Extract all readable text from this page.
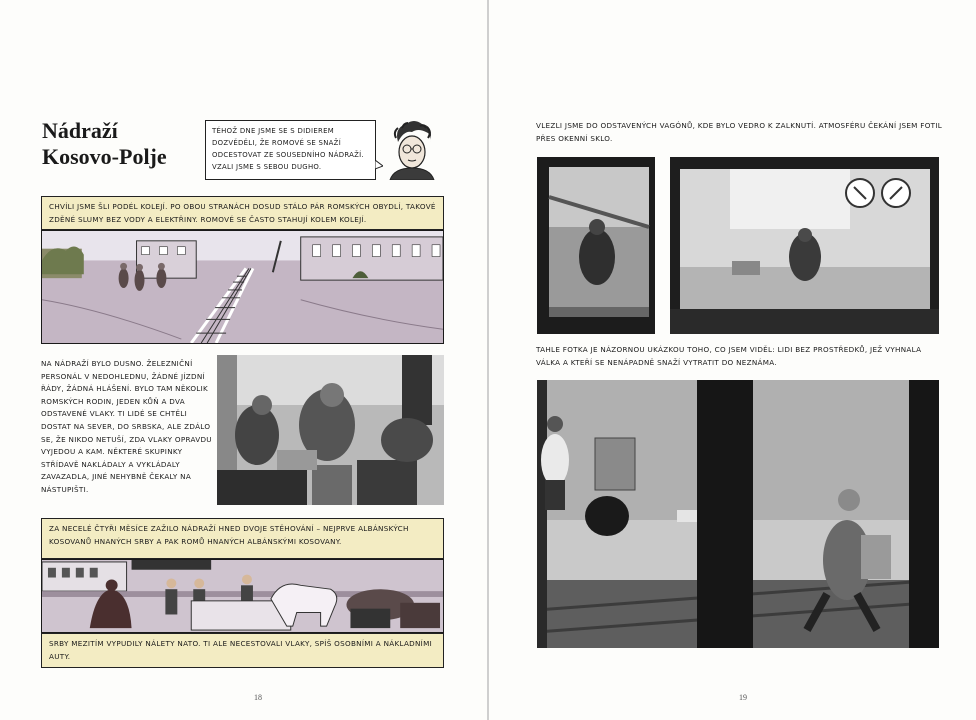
Nádraží
Kosovo-Polje
TÉHOŽ DNE JSME SE S DIDIEREM DOZVĚDĚLI, ŽE ROMOVÉ SE SNAŽÍ ODCESTOVAT ZE SOUSEDNÍHO NÁDRAŽÍ. VZALI JSME S SEBOU DUGHO.
CHVÍLI JSME ŠLI PODÉL KOLEJÍ. PO OBOU STRANÁCH DOSUD STÁLO PÁR ROMSKÝCH OBYDLÍ, TAKOVÉ ZDĚNÉ SLUMY BEZ VODY A ELEKTŘINY. ROMOVÉ SE ČASTO STAHUJÍ KOLEM KOLEJÍ.
NA NÁDRAŽÍ BYLO DUSNO. ŽELEZNIČNÍ PERSONÁL V NEDOHLEDNU, ŽÁDNÉ JÍZDNÍ ŘÁDY, ŽÁDNÁ HLÁŠENÍ. BYLO TAM NĚKOLIK ROMSKÝCH RODIN, JEDEN KŮŇ A DVA ODSTAVENÉ VLAKY. TI LIDÉ SE CHTĚLI DOSTAT NA SEVER, DO SRBSKA, ALE ZDÁLO SE, ŽE NIKDO NETUŠÍ, ZDA VLAKY OPRAVDU VYJEDOU A KAM. NĚKTERÉ SKUPINKY STŘÍDAVĚ NAKLÁDALY A VYKLÁDALY ZAVAZADLA, JINÉ NEHYBNĚ ČEKALY NA NÁSTUPIŠTI.
ZA NECELÉ ČTYŘI MĚSÍCE ZAŽILO NÁDRAŽÍ HNED DVOJE STĚHOVÁNÍ – NEJPRVE ALBÁNSKÝCH KOSOVANŮ HNANÝCH SRBY A PAK ROMŮ HNANÝCH ALBÁNSKÝMI KOSOVANY.
SRBY MEZITÍM VYPUDILY NÁLETY NATO. TI ALE NECESTOVALI VLAKY, SPÍŠ OSOBNÍMI A NÁKLADNÍMI AUTY.
18
VLEZLI JSME DO ODSTAVENÝCH VAGÓNŮ, KDE BYLO VEDRO K ZALKNUTÍ. ATMOSFÉRU ČEKÁNÍ JSEM FOTIL PŘES OKENNÍ SKLO.
TAHLE FOTKA JE NÁZORNOU UKÁZKOU TOHO, CO JSEM VIDĚL: LIDI BEZ PROSTŘEDKŮ, JEŽ VYHNALA VÁLKA A KTEŘÍ SE NENÁPADNĚ SNAŽÍ VYTRATIT DO NEZNÁMA.
19
